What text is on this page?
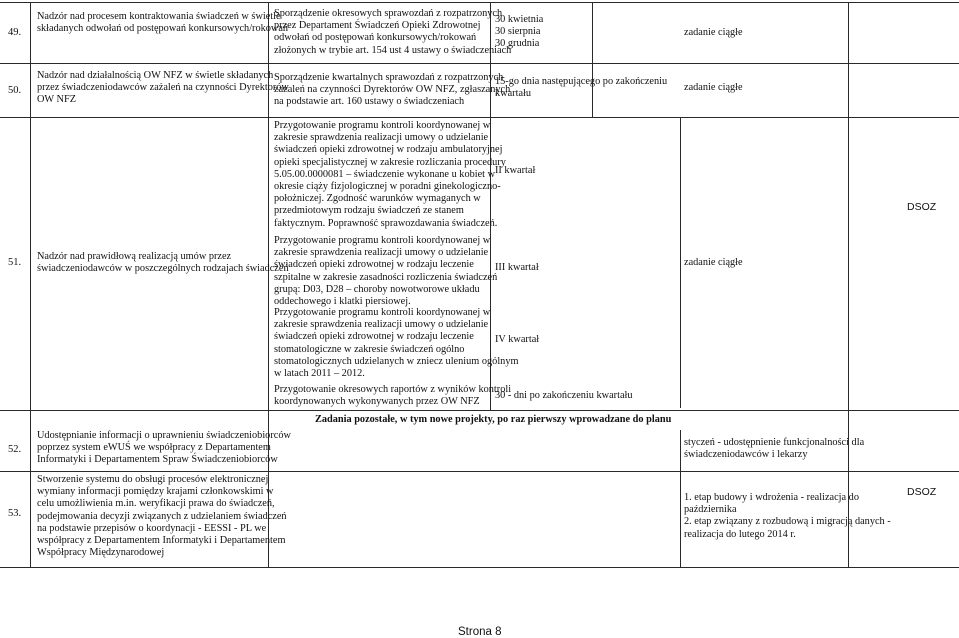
49.
Nadzór nad procesem kontraktowania świadczeń w świetle
składanych odwołań od postępowań konkursowych/rokowań
Sporządzenie okresowych sprawozdań z rozpatrzonych
przez Departament Świadczeń Opieki Zdrowotnej
odwołań od postępowań konkursowych/rokowań
złożonych w trybie art. 154 ust 4 ustawy o świadczeniach
30 kwietnia
30 sierpnia
30 grudnia
zadanie ciągłe
50.
Nadzór nad działalnością OW NFZ w świetle składanych
przez świadczeniodawców zażaleń na czynności Dyrektorów
OW NFZ
Sporządzenie kwartalnych sprawozdań z rozpatrzonych
zażaleń na czynności Dyrektorów OW NFZ, zgłaszanych
na podstawie art. 160 ustawy o świadczeniach
15-go dnia następującego po zakończeniu
kwartału
zadanie ciągłe
51.
Nadzór nad prawidłową realizacją umów przez
świadczeniodawców w poszczególnych rodzajach świadczeń
Przygotowanie programu kontroli koordynowanej w
zakresie sprawdzenia realizacji umowy o udzielanie
świadczeń opieki zdrowotnej w rodzaju ambulatoryjnej
opieki specjalistycznej w zakresie rozliczania procedury
5.05.00.0000081 – świadczenie wykonane u kobiet w
okresie ciąży fizjologicznej w poradni ginekologiczno-
położniczej. Zgodność warunków wymaganych w
przedmiotowym rodzaju świadczeń ze stanem
faktycznym. Poprawność sprawozdawania świadczeń.
Przygotowanie programu kontroli koordynowanej w
zakresie sprawdzenia realizacji umowy o udzielanie
świadczeń opieki zdrowotnej w rodzaju leczenie
szpitalne w zakresie zasadności rozliczenia świadczeń
grupą: D03, D28 – choroby nowotworowe układu
oddechowego i klatki piersiowej.
Przygotowanie programu kontroli koordynowanej w
zakresie sprawdzenia realizacji umowy o udzielanie
świadczeń opieki zdrowotnej w rodzaju leczenie
stomatologiczne w zakresie świadczeń ogólno
stomatologicznych udzielanych w zniecz ulenium ogólnym
w latach 2011 – 2012.
Przygotowanie okresowych raportów z wyników kontroli
koordynowanych wykonywanych przez OW NFZ
II kwartał
III kwartał
IV kwartał
30 - dni po zakończeniu kwartału
zadanie ciągłe
DSOZ
Zadania pozostałe, w tym nowe projekty, po raz pierwszy wprowadzane do planu
52.
Udostępnianie informacji o uprawnieniu świadczeniobiorców
poprzez system eWUŚ we współpracy z Departamentem
Informatyki i Departamentem Spraw Świadczeniobiorców
styczeń - udostępnienie funkcjonalności dla
świadczeniodawców i lekarzy
53.
Stworzenie systemu do obsługi procesów elektronicznej
wymiany informacji pomiędzy krajami członkowskimi w
celu umożliwienia m.in. weryfikacji prawa do świadczeń,
podejmowania decyzji związanych z udzielaniem świadczeń
na podstawie przepisów o koordynacji - EESSI - PL we
współpracy z Departamentem Informatyki i Departamentem
Współpracy Międzynarodowej
1. etap budowy i wdrożenia - realizacja do
października
2. etap związany z rozbudową i migracją danych -
realizacja do lutego 2014 r.
DSOZ
Strona 8
